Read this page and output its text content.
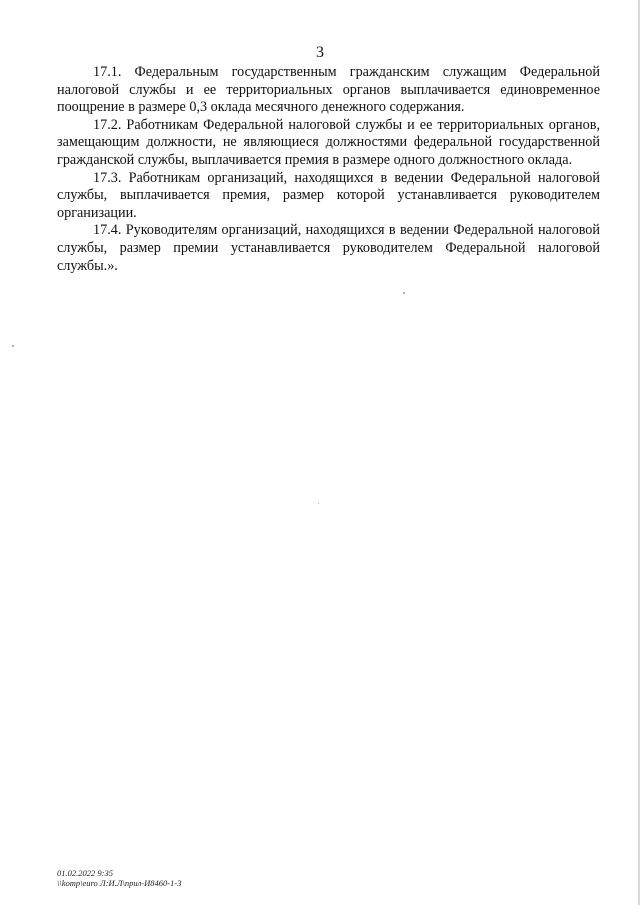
3

17.1. Федеральным государственным гражданским служащим Федеральной налоговой службы и ее территориальных органов выплачивается единовременное поощрение в размере 0,3 оклада месячного денежного содержания.

17.2. Работникам Федеральной налоговой службы и ее территориальных органов, замещающим должности, не являющиеся должностями федеральной государственной гражданской службы, выплачивается премия в размере одного должностного оклада.

17.3. Работникам организаций, находящихся в ведении Федеральной налоговой службы, выплачивается премия, размер которой устанавливается руководителем организации.

17.4. Руководителям организаций, находящихся в ведении Федеральной налоговой службы, размер премии устанавливается руководителем Федеральной налоговой службы.».

01.02.2022 9:35
\\komp\euro Л:И.Л\прил-И8460-1-3
